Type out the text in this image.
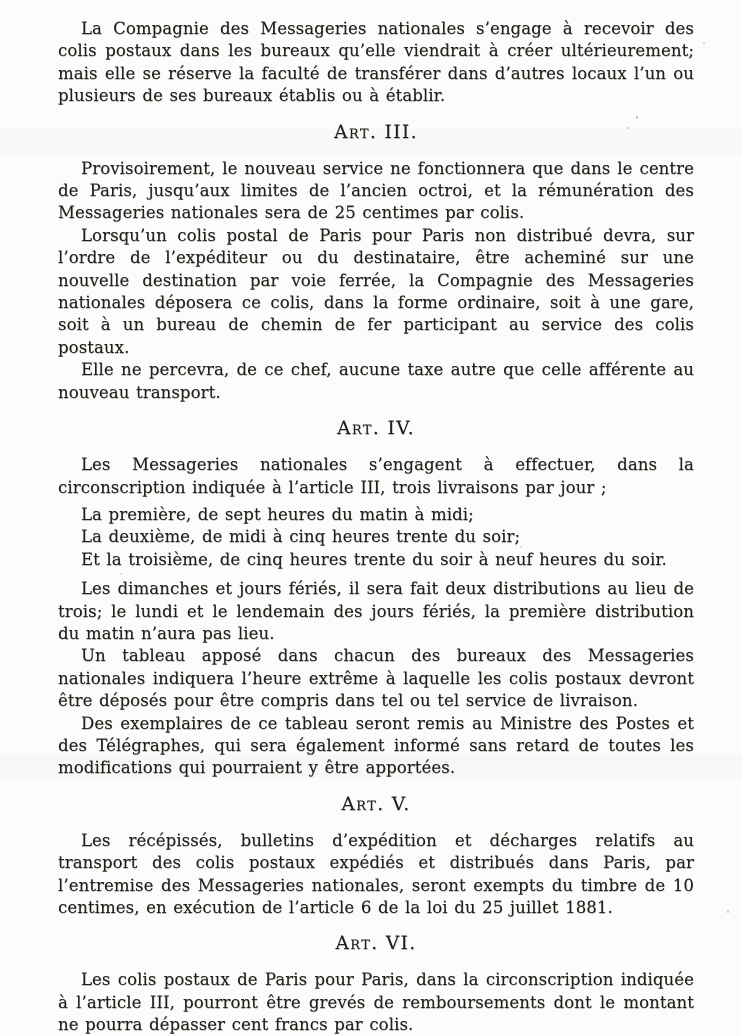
La Compagnie des Messageries nationales s’engage à recevoir des colis postaux dans les bureaux qu’elle viendrait à créer ultérieurement; mais elle se réserve la faculté de transférer dans d’autres locaux l’un ou plusieurs de ses bureaux établis ou à établir.

Art. III.

Provisoirement, le nouveau service ne fonctionnera que dans le centre de Paris, jusqu’aux limites de l’ancien octroi, et la rémunération des Messageries nationales sera de 25 centimes par colis.

Lorsqu’un colis postal de Paris pour Paris non distribué devra, sur l’ordre de l’expéditeur ou du destinataire, être acheminé sur une nouvelle destination par voie ferrée, la Compagnie des Messageries nationales déposera ce colis, dans la forme ordinaire, soit à une gare, soit à un bureau de chemin de fer participant au service des colis postaux.

Elle ne percevra, de ce chef, aucune taxe autre que celle afférente au nouveau transport.

Art. IV.

Les Messageries nationales s’engagent à effectuer, dans la circonscription indiquée à l’article III, trois livraisons par jour ;

La première, de sept heures du matin à midi;

La deuxième, de midi à cinq heures trente du soir;

Et la troisième, de cinq heures trente du soir à neuf heures du soir.

Les dimanches et jours fériés, il sera fait deux distributions au lieu de trois; le lundi et le lendemain des jours fériés, la première distribution du matin n’aura pas lieu.

Un tableau apposé dans chacun des bureaux des Messageries nationales indiquera l’heure extrême à laquelle les colis postaux devront être déposés pour être compris dans tel ou tel service de livraison.

Des exemplaires de ce tableau seront remis au Ministre des Postes et des Télégraphes, qui sera également informé sans retard de toutes les modifications qui pourraient y être apportées.

Art. V.

Les récépissés, bulletins d’expédition et décharges relatifs au transport des colis postaux expédiés et distribués dans Paris, par l’entremise des Messageries nationales, seront exempts du timbre de 10 centimes, en exécution de l’article 6 de la loi du 25 juillet 1881.

Art. VI.

Les colis postaux de Paris pour Paris, dans la circonscription indiquée à l’article III, pourront être grevés de remboursements dont le montant ne pourra dépasser cent francs par colis.
